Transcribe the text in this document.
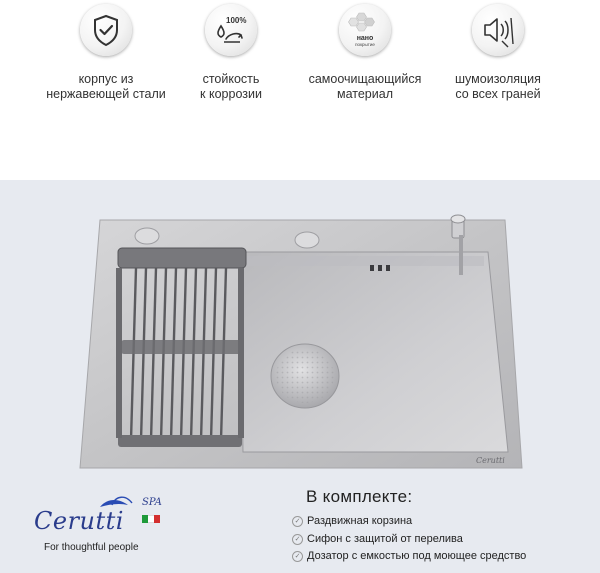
корпус из
нержавеющей стали
100%
стойкость
к коррозии
нано
покрытие
самоочищающийся
материал
шумоизоляция
со всех граней
Cerutti
SPA
Cerutti
For thoughtful people
В комплекте:
✓ Раздвижная корзина
✓ Сифон с защитой от перелива
✓ Дозатор с емкостью под моющее средство
